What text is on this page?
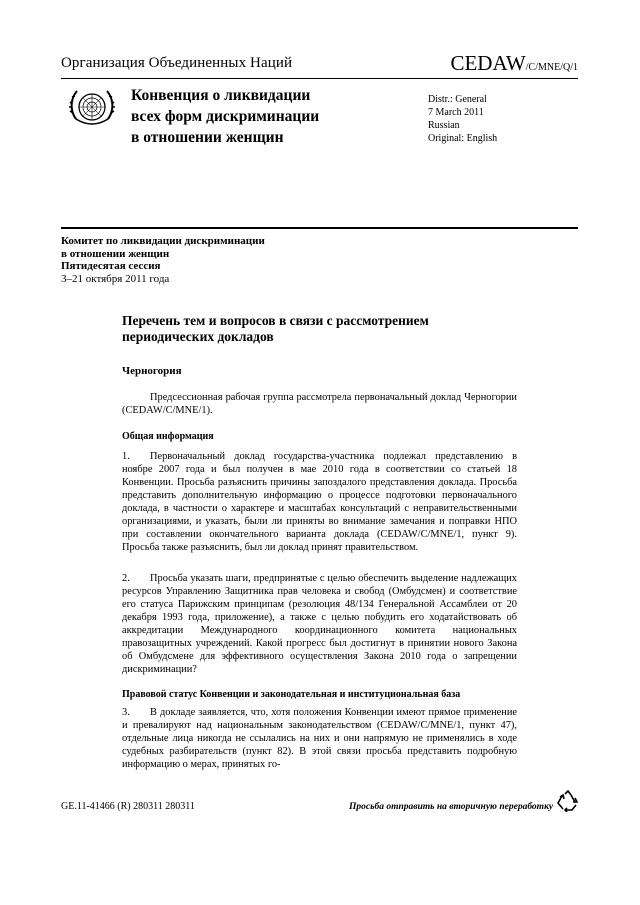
Организация Объединенных Наций	CEDAW/C/MNE/Q/1
Конвенция о ликвидации
всех форм дискриминации
в отношении женщин
Distr.: General
7 March 2011
Russian
Original: English
Комитет по ликвидации дискриминации
в отношении женщин
Пятидесятая сессия
3–21 октября 2011 года
Перечень тем и вопросов в связи с рассмотрением периодических докладов
Черногория
Предсессионная рабочая группа рассмотрела первоначальный доклад Черногории (CEDAW/C/MNE/1).
Общая информация
1. Первоначальный доклад государства-участника подлежал представлению в ноябре 2007 года и был получен в мае 2010 года в соответствии со статьей 18 Конвенции. Просьба разъяснить причины запоздалого представления доклада. Просьба представить дополнительную информацию о процессе подготовки первоначального доклада, в частности о характере и масштабах консультаций с неправительственными организациями, и указать, были ли приняты во внимание замечания и поправки НПО при составлении окончательного варианта доклада (CEDAW/C/MNE/1, пункт 9). Просьба также разъяснить, был ли доклад принят правительством.
2. Просьба указать шаги, предпринятые с целью обеспечить выделение надлежащих ресурсов Управлению Защитника прав человека и свобод (Омбудсмен) и соответствие его статуса Парижским принципам (резолюция 48/134 Генеральной Ассамблеи от 20 декабря 1993 года, приложение), а также с целью побудить его ходатайствовать об аккредитации Международного координационного комитета национальных правозащитных учреждений. Какой прогресс был достигнут в принятии нового Закона об Омбудсмене для эффективного осуществления Закона 2010 года о запрещении дискриминации?
Правовой статус Конвенции и законодательная и институциональная база
3. В докладе заявляется, что, хотя положения Конвенции имеют прямое применение и превалируют над национальным законодательством (CEDAW/C/MNE/1, пункт 47), отдельные лица никогда не ссылались на них и они напрямую не применялись в ходе судебных разбирательств (пункт 82). В этой связи просьба представить подробную информацию о мерах, принятых го-
GE.11-41466 (R) 280311 280311	Просьба отправить на вторичную переработку
